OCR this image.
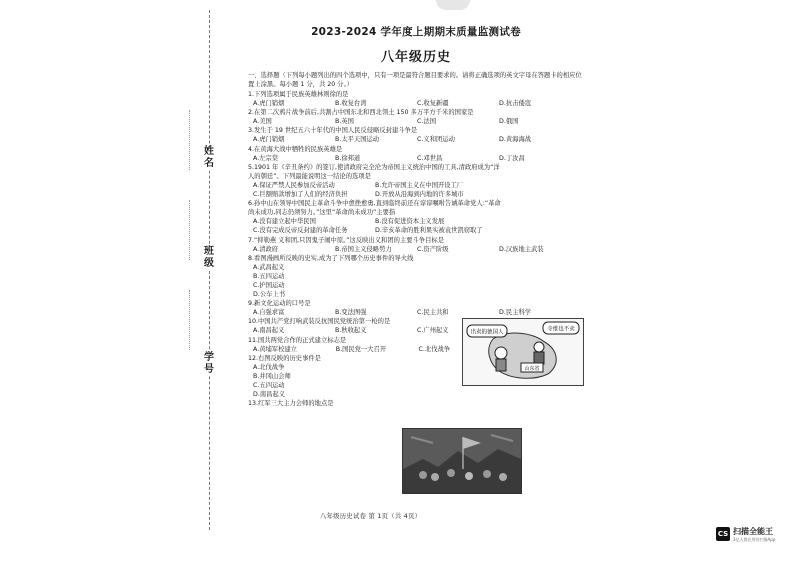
姓名
班级
学号
2023-2024 学年度上期期末质量监测试卷
八年级历史
一、选择题（下列每小题列出的四个选项中，只有一项是最符合题目要求的。请将正确选项的英文字母在答题卡的相应位置上涂黑。每小题 1 分，共 20 分。）
1.下列选项属于民族英雄林则徐的是
A.虎门销烟	B.收复台湾	C.收复新疆	D.抗击倭寇
2.在第二次鸦片战争前后,共割占中国东北和西北领土 150 多万平方千米的国家是
A.美国	B.英国	C.法国	D.俄国
3.发生于 19 世纪五六十年代的中国人民反侵略反封建斗争是
A.虎门销烟	B.太平天国运动	C.义和团运动	D.黄海海战
4.在黄海大战中牺牲的民族英雄是
A.左宗棠	B.徐邦道	C.邓世昌	D.丁汝昌
5.1901 年《辛丑条约》的签订,使清政府完全沦为帝国主义统治中国的工具,清政府成为“洋
人的朝廷”。下列最能说明这一结论的选项是
A.保证严禁人民参加反帝活动	B.允许帝国主义在中国开设工厂
C.巨额赔款增加了人们的经济负担	D.开放从沿海到内地的许多城市
6.孙中山在领导中国民主革命斗争中愈挫愈勇,直到临终前还在谆谆嘱咐告诫革命党人:“革命
尚未成功,同志仍须努力。”这里“革命尚未成功”主要指
A.没有建立起中华民国	B.没有促进资本主义发展
C.没有完成反帝反封建的革命任务	D.辛亥革命的胜利果实被袁世凯窃取了
7.“抑勒燕 义和团,只因鬼子闹中原。”这反映出义和团的主要斗争目标是
A.清政府	B.帝国主义侵略势力	C.资产阶级	D.汉族地主武装
8.看图漫画所反映的史实,成为了下列哪个历史事件的导火线
A.武昌起义
B.五四运动
C.护国运动
D.公车上书
9.新文化运动的口号是
A.自强求富	B.变法图强	C.民主共和	D.民主科学
10.中国共产党打响武装反抗国民党统治第一枪的是
A.南昌起义	B.秋收起义	C.广州起义
11.国共两党合作的正式建立标志是
A.黄埔军校建立	B.国民党一大召开	C.北伐战争
12.右图反映的历史事件是
A.北伐战争
B.井冈山会师
C.五四运动
D.南昌起义
13.红军三大主力会师的地点是
出卖的德国人	寺维也不卖
山东省
八年级历史试卷 第 1页（共 4页）
CS 扫描全能王
3亿人都在用的扫描App
